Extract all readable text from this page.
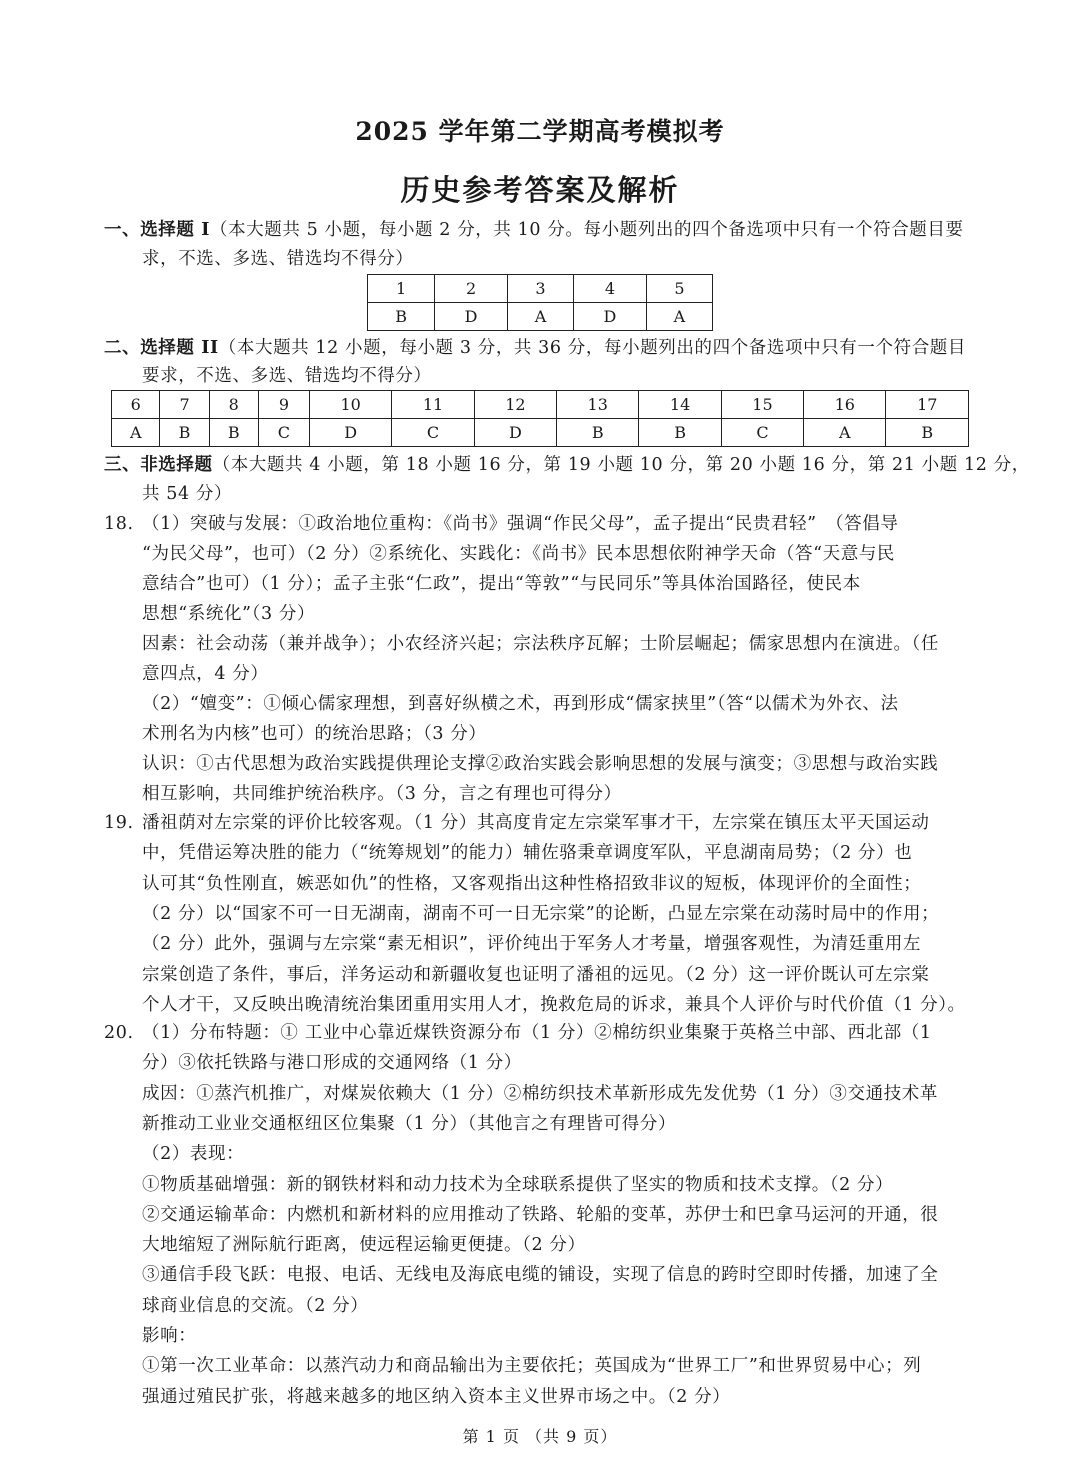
2025 学年第二学期高考模拟考
历史参考答案及解析
一、选择题 I（本大题共 5 小题，每小题 2 分，共 10 分。每小题列出的四个备选项中只有一个符合题目要
求，不选、多选、错选均不得分）
1	2	3	4	5
B	D	A	D	A
二、选择题 II（本大题共 12 小题，每小题 3 分，共 36 分，每小题列出的四个备选项中只有一个符合题目
要求，不选、多选、错选均不得分）
6	7	8	9	10	11	12	13	14	15	16	17
A	B	B	C	D	C	D	B	B	C	A	B
三、非选择题（本大题共 4 小题，第 18 小题 16 分，第 19 小题 10 分，第 20 小题 16 分，第 21 小题 12 分，
共 54 分）
18. （1）突破与发展：①政治地位重构：《尚书》强调“作民父母”，孟子提出“民贵君轻”　（答倡导
“为民父母”，也可）（2 分）②系统化、实践化：《尚书》民本思想依附神学天命（答“天意与民
意结合”也可）（1 分）；孟子主张“仁政”，提出“等敦”“与民同乐”等具体治国路径，使民本
思想“系统化”（3 分）
因素：社会动荡（兼并战争）；小农经济兴起；宗法秩序瓦解；士阶层崛起；儒家思想内在演进。（任
意四点，4 分）
（2）“嬗变”：①倾心儒家理想，到喜好纵横之术，再到形成“儒家挟里”（答“以儒术为外衣、法
术刑名为内核”也可）的统治思路；（3 分）
认识：①古代思想为政治实践提供理论支撑②政治实践会影响思想的发展与演变；③思想与政治实践
相互影响，共同维护统治秩序。（3 分，言之有理也可得分）
19. 潘祖荫对左宗棠的评价比较客观。（1 分）其高度肯定左宗棠军事才干，左宗棠在镇压太平天国运动
中，凭借运筹决胜的能力（“统筹规划”的能力）辅佐骆秉章调度军队，平息湖南局势；（2 分）也
认可其“负性刚直，嫉恶如仇”的性格，又客观指出这种性格招致非议的短板，体现评价的全面性；
（2 分）以“国家不可一日无湖南，湖南不可一日无宗棠”的论断，凸显左宗棠在动荡时局中的作用；
（2 分）此外，强调与左宗棠“素无相识”，评价纯出于军务人才考量，增强客观性，为清廷重用左
宗棠创造了条件，事后，洋务运动和新疆收复也证明了潘祖的远见。（2 分）这一评价既认可左宗棠
个人才干，又反映出晚清统治集团重用实用人才，挽救危局的诉求，兼具个人评价与时代价值（1 分）。
20. （1）分布特题：① 工业中心靠近煤铁资源分布（1 分）②棉纺织业集聚于英格兰中部、西北部（1
分）③依托铁路与港口形成的交通网络（1 分）
成因：①蒸汽机推广，对煤炭依赖大（1 分）②棉纺织技术革新形成先发优势（1 分）③交通技术革
新推动工业业交通枢纽区位集聚（1 分）（其他言之有理皆可得分）
（2）表现：
①物质基础增强：新的钢铁材料和动力技术为全球联系提供了坚实的物质和技术支撑。（2 分）
②交通运输革命：内燃机和新材料的应用推动了铁路、轮船的变革，苏伊士和巴拿马运河的开通，很
大地缩短了洲际航行距离，使远程运输更便捷。（2 分）
③通信手段飞跃：电报、电话、无线电及海底电缆的铺设，实现了信息的跨时空即时传播，加速了全
球商业信息的交流。（2 分）
影响：
①第一次工业革命：以蒸汽动力和商品输出为主要依托；英国成为“世界工厂”和世界贸易中心；列
强通过殖民扩张，将越来越多的地区纳入资本主义世界市场之中。（2 分）
第 1 页 （共 9 页）
